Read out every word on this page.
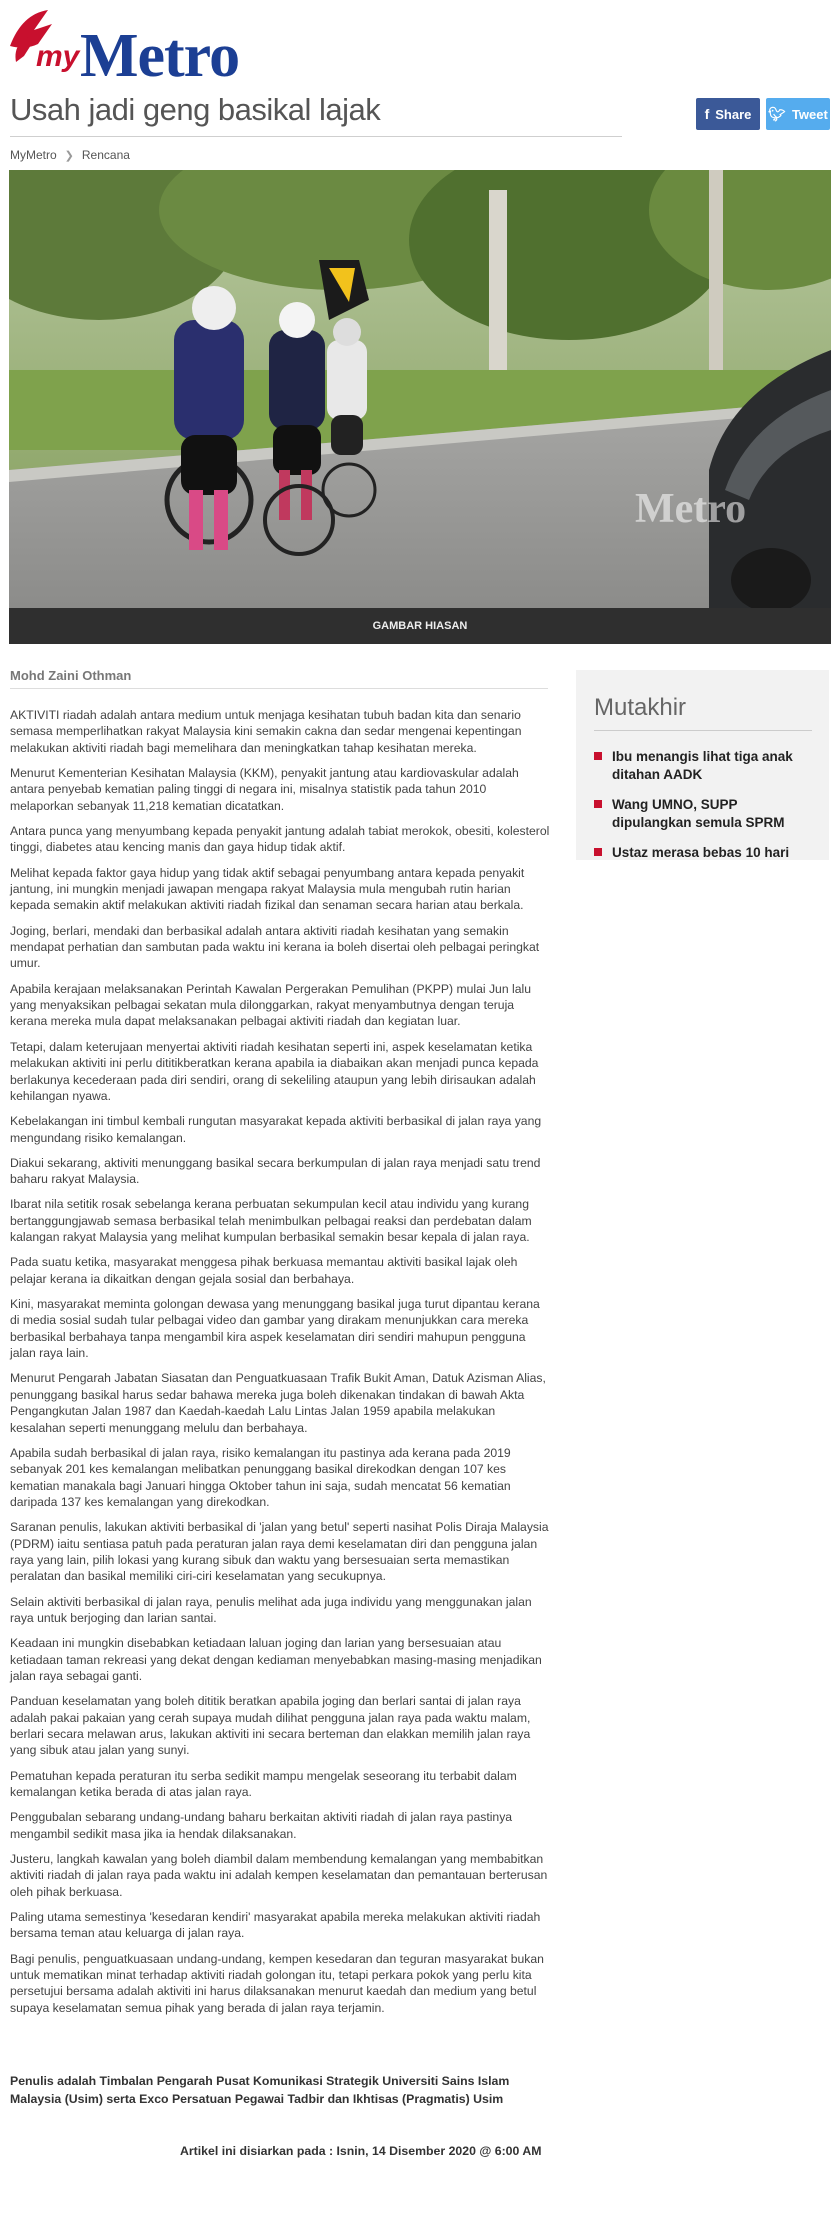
my Metro
Usah jadi geng basikal lajak	f Share 🐦︎ Tweet
MyMetro ❯ Rencana
Metro
GAMBAR HIASAN
Mohd Zaini Othman

AKTIVITI riadah adalah antara medium untuk menjaga kesihatan tubuh badan kita dan senario semasa memperlihatkan rakyat Malaysia kini semakin cakna dan sedar mengenai kepentingan melakukan aktiviti riadah bagi memelihara dan meningkatkan tahap kesihatan mereka.

Menurut Kementerian Kesihatan Malaysia (KKM), penyakit jantung atau kardiovaskular adalah antara penyebab kematian paling tinggi di negara ini, misalnya statistik pada tahun 2010 melaporkan sebanyak 11,218 kematian dicatatkan.

Antara punca yang menyumbang kepada penyakit jantung adalah tabiat merokok, obesiti, kolesterol tinggi, diabetes atau kencing manis dan gaya hidup tidak aktif.

Melihat kepada faktor gaya hidup yang tidak aktif sebagai penyumbang antara kepada penyakit jantung, ini mungkin menjadi jawapan mengapa rakyat Malaysia mula mengubah rutin harian kepada semakin aktif melakukan aktiviti riadah fizikal dan senaman secara harian atau berkala.

Joging, berlari, mendaki dan berbasikal adalah antara aktiviti riadah kesihatan yang semakin mendapat perhatian dan sambutan pada waktu ini kerana ia boleh disertai oleh pelbagai peringkat umur.

Apabila kerajaan melaksanakan Perintah Kawalan Pergerakan Pemulihan (PKPP) mulai Jun lalu yang menyaksikan pelbagai sekatan mula dilonggarkan, rakyat menyambutnya dengan teruja kerana mereka mula dapat melaksanakan pelbagai aktiviti riadah dan kegiatan luar.

Tetapi, dalam keterujaan menyertai aktiviti riadah kesihatan seperti ini, aspek keselamatan ketika melakukan aktiviti ini perlu dititikberatkan kerana apabila ia diabaikan akan menjadi punca kepada berlakunya kecederaan pada diri sendiri, orang di sekeliling ataupun yang lebih dirisaukan adalah kehilangan nyawa.

Kebelakangan ini timbul kembali rungutan masyarakat kepada aktiviti berbasikal di jalan raya yang mengundang risiko kemalangan.

Diakui sekarang, aktiviti menunggang basikal secara berkumpulan di jalan raya menjadi satu trend baharu rakyat Malaysia.

Ibarat nila setitik rosak sebelanga kerana perbuatan sekumpulan kecil atau individu yang kurang bertanggungjawab semasa berbasikal telah menimbulkan pelbagai reaksi dan perdebatan dalam kalangan rakyat Malaysia yang melihat kumpulan berbasikal semakin besar kepala di jalan raya.

Pada suatu ketika, masyarakat menggesa pihak berkuasa memantau aktiviti basikal lajak oleh pelajar kerana ia dikaitkan dengan gejala sosial dan berbahaya.

Kini, masyarakat meminta golongan dewasa yang menunggang basikal juga turut dipantau kerana di media sosial sudah tular pelbagai video dan gambar yang dirakam menunjukkan cara mereka berbasikal berbahaya tanpa mengambil kira aspek keselamatan diri sendiri mahupun pengguna jalan raya lain.

Menurut Pengarah Jabatan Siasatan dan Penguatkuasaan Trafik Bukit Aman, Datuk Azisman Alias, penunggang basikal harus sedar bahawa mereka juga boleh dikenakan tindakan di bawah Akta Pengangkutan Jalan 1987 dan Kaedah-kaedah Lalu Lintas Jalan 1959 apabila melakukan kesalahan seperti menunggang melulu dan berbahaya.

Apabila sudah berbasikal di jalan raya, risiko kemalangan itu pastinya ada kerana pada 2019 sebanyak 201 kes kemalangan melibatkan penunggang basikal direkodkan dengan 107 kes kematian manakala bagi Januari hingga Oktober tahun ini saja, sudah mencatat 56 kematian daripada 137 kes kemalangan yang direkodkan.

Saranan penulis, lakukan aktiviti berbasikal di 'jalan yang betul' seperti nasihat Polis Diraja Malaysia (PDRM) iaitu sentiasa patuh pada peraturan jalan raya demi keselamatan diri dan pengguna jalan raya yang lain, pilih lokasi yang kurang sibuk dan waktu yang bersesuaian serta memastikan peralatan dan basikal memiliki ciri-ciri keselamatan yang secukupnya.

Selain aktiviti berbasikal di jalan raya, penulis melihat ada juga individu yang menggunakan jalan raya untuk berjoging dan larian santai.

Keadaan ini mungkin disebabkan ketiadaan laluan joging dan larian yang bersesuaian atau ketiadaan taman rekreasi yang dekat dengan kediaman menyebabkan masing-masing menjadikan jalan raya sebagai ganti.

Panduan keselamatan yang boleh dititik beratkan apabila joging dan berlari santai di jalan raya adalah pakai pakaian yang cerah supaya mudah dilihat pengguna jalan raya pada waktu malam, berlari secara melawan arus, lakukan aktiviti ini secara berteman dan elakkan memilih jalan raya yang sibuk atau jalan yang sunyi.

Pematuhan kepada peraturan itu serba sedikit mampu mengelak seseorang itu terbabit dalam kemalangan ketika berada di atas jalan raya.

Penggubalan sebarang undang-undang baharu berkaitan aktiviti riadah di jalan raya pastinya mengambil sedikit masa jika ia hendak dilaksanakan.

Justeru, langkah kawalan yang boleh diambil dalam membendung kemalangan yang membabitkan aktiviti riadah di jalan raya pada waktu ini adalah kempen keselamatan dan pemantauan berterusan oleh pihak berkuasa.

Paling utama semestinya 'kesedaran kendiri' masyarakat apabila mereka melakukan aktiviti riadah bersama teman atau keluarga di jalan raya.

Bagi penulis, penguatkuasaan undang-undang, kempen kesedaran dan teguran masyarakat bukan untuk mematikan minat terhadap aktiviti riadah golongan itu, tetapi perkara pokok yang perlu kita persetujui bersama adalah aktiviti ini harus dilaksanakan menurut kaedah dan medium yang betul supaya keselamatan semua pihak yang berada di jalan raya terjamin.

Penulis adalah Timbalan Pengarah Pusat Komunikasi Strategik Universiti Sains Islam Malaysia (Usim) serta Exco Persatuan Pegawai Tadbir dan Ikhtisas (Pragmatis) Usim
Artikel ini disiarkan pada : Isnin, 14 Disember 2020 @ 6:00 AM
Mutakhir
Ibu menangis lihat tiga anak ditahan AADK
Wang UMNO, SUPP dipulangkan semula SPRM
Ustaz merasa bebas 10 hari
